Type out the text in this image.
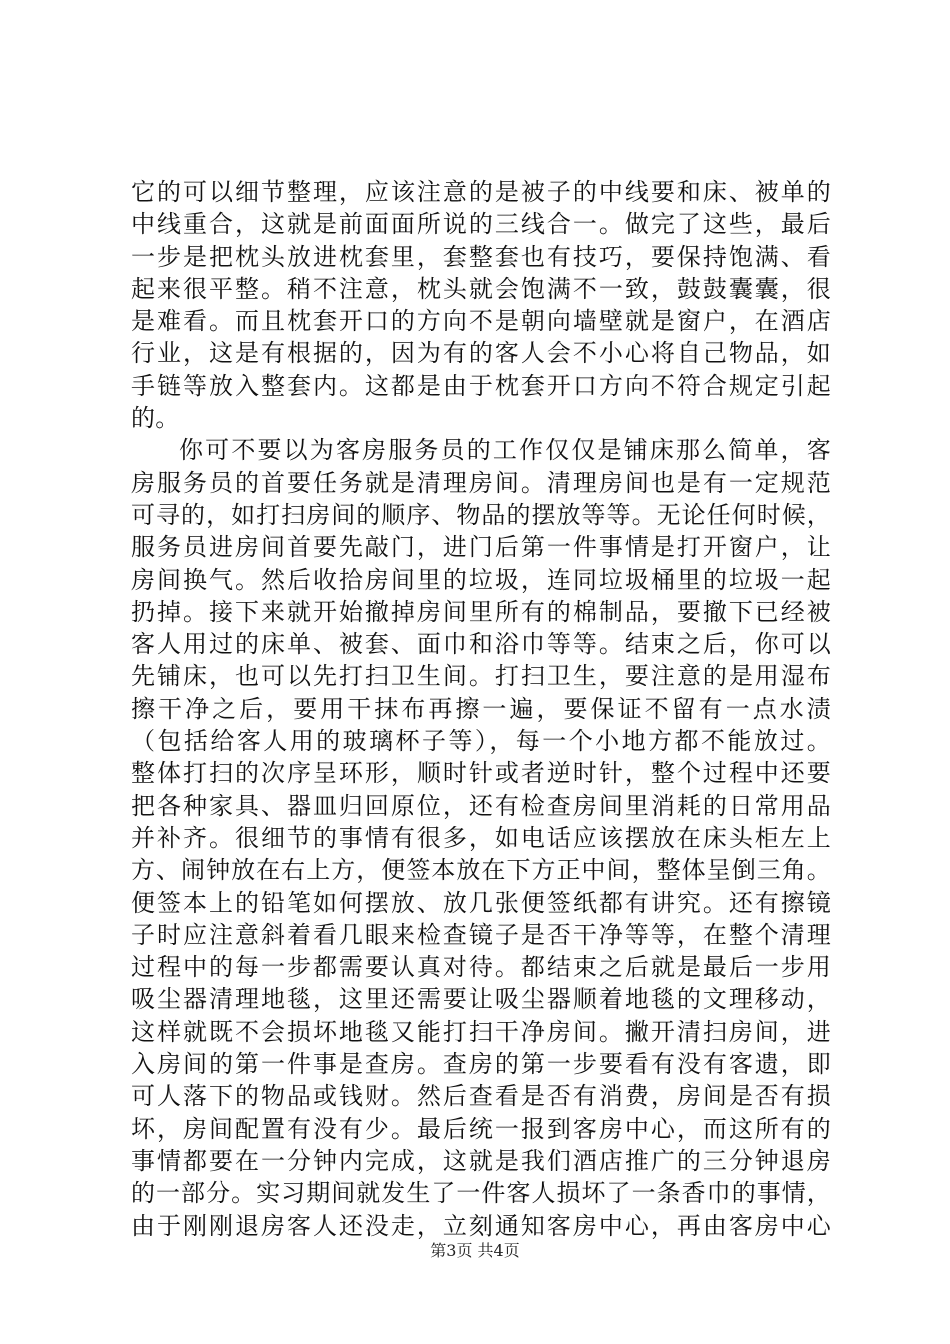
它的可以细节整理，应该注意的是被子的中线要和床、被单的
中线重合，这就是前面面所说的三线合一。做完了这些，最后
一步是把枕头放进枕套里，套整套也有技巧，要保持饱满、看
起来很平整。稍不注意，枕头就会饱满不一致，鼓鼓囊囊，很
是难看。而且枕套开口的方向不是朝向墙壁就是窗户，在酒店
行业，这是有根据的，因为有的客人会不小心将自己物品，如
手链等放入整套内。这都是由于枕套开口方向不符合规定引起
的。
你可不要以为客房服务员的工作仅仅是铺床那么简单，客
房服务员的首要任务就是清理房间。清理房间也是有一定规范
可寻的，如打扫房间的顺序、物品的摆放等等。无论任何时候，
服务员进房间首要先敲门，进门后第一件事情是打开窗户，让
房间换气。然后收拾房间里的垃圾，连同垃圾桶里的垃圾一起
扔掉。接下来就开始撤掉房间里所有的棉制品，要撤下已经被
客人用过的床单、被套、面巾和浴巾等等。结束之后，你可以
先铺床，也可以先打扫卫生间。打扫卫生，要注意的是用湿布
擦干净之后，要用干抹布再擦一遍，要保证不留有一点水渍
（包括给客人用的玻璃杯子等），每一个小地方都不能放过。
整体打扫的次序呈环形，顺时针或者逆时针，整个过程中还要
把各种家具、器皿归回原位，还有检查房间里消耗的日常用品
并补齐。很细节的事情有很多，如电话应该摆放在床头柜左上
方、闹钟放在右上方，便签本放在下方正中间，整体呈倒三角。
便签本上的铅笔如何摆放、放几张便签纸都有讲究。还有擦镜
子时应注意斜着看几眼来检查镜子是否干净等等，在整个清理
过程中的每一步都需要认真对待。都结束之后就是最后一步用
吸尘器清理地毯，这里还需要让吸尘器顺着地毯的文理移动，
这样就既不会损坏地毯又能打扫干净房间。撇开清扫房间，进
入房间的第一件事是查房。查房的第一步要看有没有客遗，即
可人落下的物品或钱财。然后查看是否有消费，房间是否有损
坏，房间配置有没有少。最后统一报到客房中心，而这所有的
事情都要在一分钟内完成，这就是我们酒店推广的三分钟退房
的一部分。实习期间就发生了一件客人损坏了一条香巾的事情，
由于刚刚退房客人还没走，立刻通知客房中心，再由客房中心
第3页 共4页
